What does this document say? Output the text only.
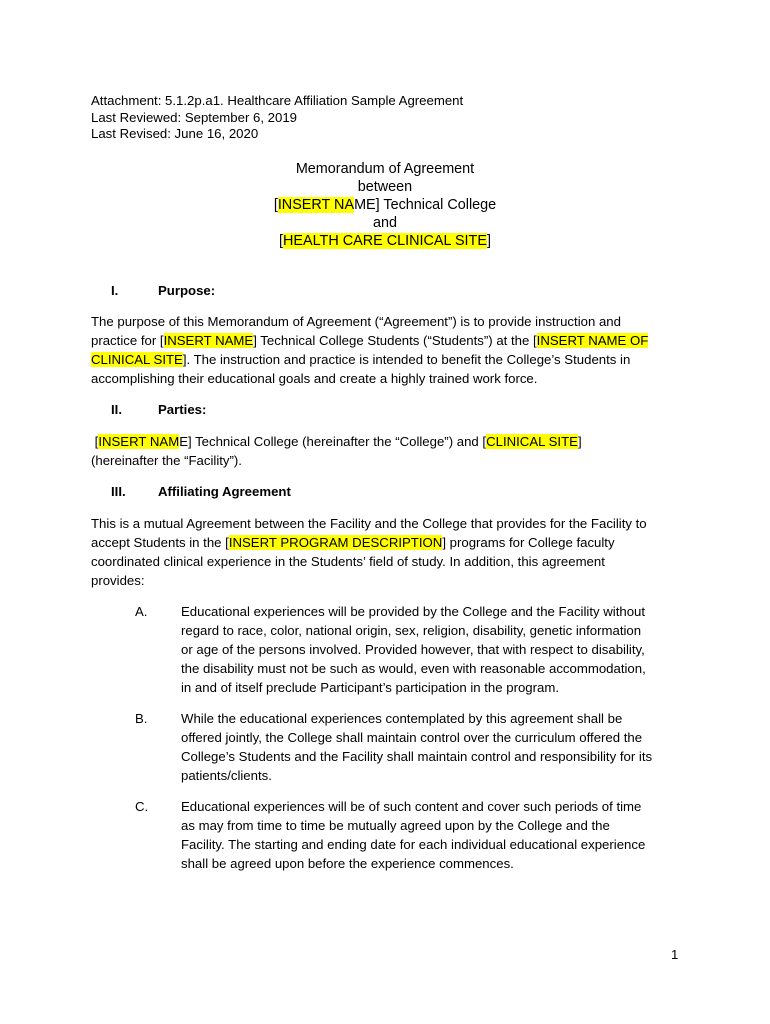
Attachment: 5.1.2p.a1. Healthcare Affiliation Sample Agreement
Last Reviewed: September 6, 2019
Last Revised: June 16, 2020
Memorandum of Agreement
between
[INSERT NAME] Technical College
and
[HEALTH CARE CLINICAL SITE]
I.	Purpose:
The purpose of this Memorandum of Agreement (“Agreement”) is to provide instruction and
practice for [INSERT NAME] Technical College Students (“Students”) at the [INSERT NAME OF
CLINICAL SITE]. The instruction and practice is intended to benefit the College’s Students in
accomplishing their educational goals and create a highly trained work force.
II.	Parties:
[INSERT NAME] Technical College (hereinafter the “College”) and [CLINICAL SITE]
(hereinafter the “Facility”).
III. Affiliating Agreement
This is a mutual Agreement between the Facility and the College that provides for the Facility to
accept Students in the [INSERT PROGRAM DESCRIPTION] programs for College faculty
coordinated clinical experience in the Students’ field of study. In addition, this agreement
provides:
A.	Educational experiences will be provided by the College and the Facility without
regard to race, color, national origin, sex, religion, disability, genetic information
or age of the persons involved. Provided however, that with respect to disability,
the disability must not be such as would, even with reasonable accommodation,
in and of itself preclude Participant’s participation in the program.
B.	While the educational experiences contemplated by this agreement shall be
offered jointly, the College shall maintain control over the curriculum offered the
College’s Students and the Facility shall maintain control and responsibility for its
patients/clients.
C. Educational experiences will be of such content and cover such periods of time
as may from time to time be mutually agreed upon by the College and the
Facility. The starting and ending date for each individual educational experience
shall be agreed upon before the experience commences.
1
